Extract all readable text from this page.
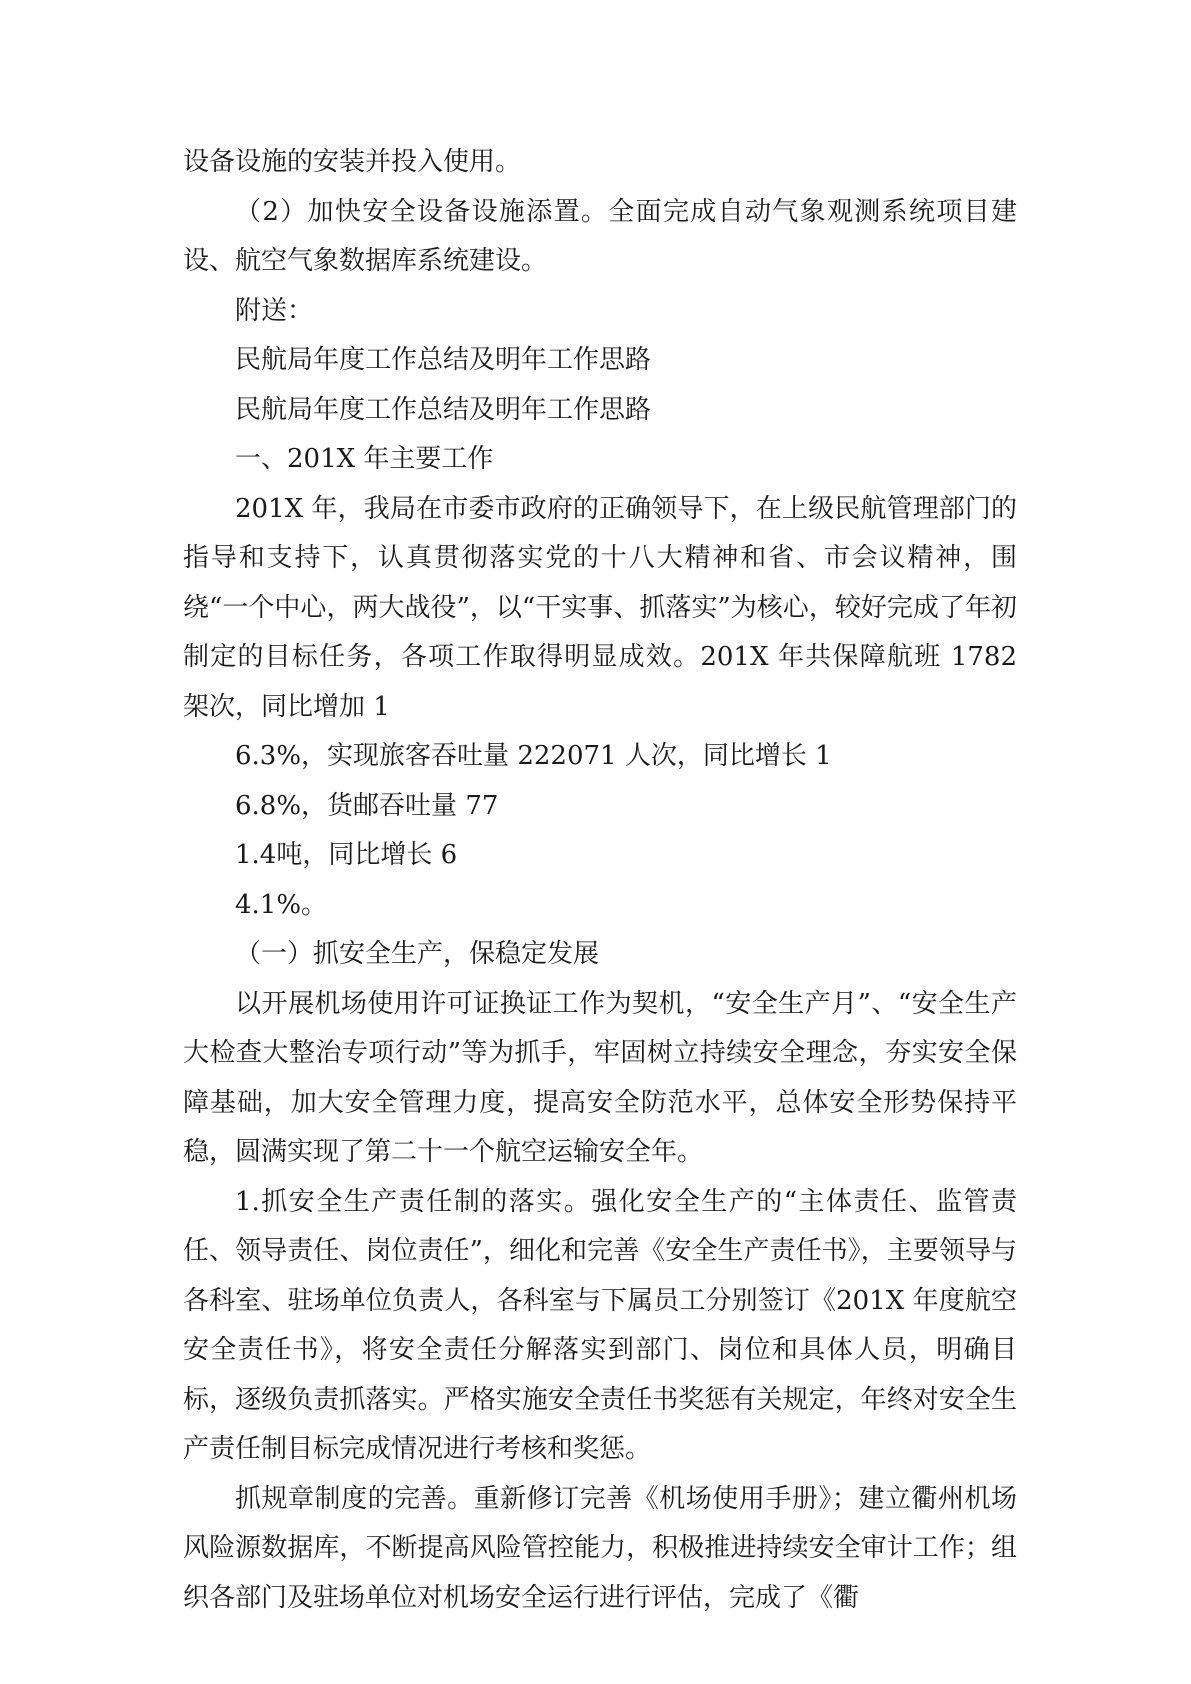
设备设施的安装并投入使用。

（2）加快安全设备设施添置。全面完成自动气象观测系统项目建设、航空气象数据库系统建设。

附送：

民航局年度工作总结及明年工作思路

民航局年度工作总结及明年工作思路

一、201X 年主要工作

201X 年，我局在市委市政府的正确领导下，在上级民航管理部门的指导和支持下，认真贯彻落实党的十八大精神和省、市会议精神，围绕“一个中心，两大战役”，以“干实事、抓落实”为核心，较好完成了年初制定的目标任务，各项工作取得明显成效。201X 年共保障航班 1782 架次，同比增加 1

6.3%，实现旅客吞吐量 222071 人次，同比增长 1

6.8%，货邮吞吐量 77

1.4吨，同比增长 6

4.1%。

（一）抓安全生产，保稳定发展

以开展机场使用许可证换证工作为契机，“安全生产月”、“安全生产大检查大整治专项行动”等为抓手，牢固树立持续安全理念，夯实安全保障基础，加大安全管理力度，提高安全防范水平，总体安全形势保持平稳，圆满实现了第二十一个航空运输安全年。

1.抓安全生产责任制的落实。强化安全生产的“主体责任、监管责任、领导责任、岗位责任”，细化和完善《安全生产责任书》，主要领导与各科室、驻场单位负责人，各科室与下属员工分别签订《201X 年度航空安全责任书》，将安全责任分解落实到部门、岗位和具体人员，明确目标，逐级负责抓落实。严格实施安全责任书奖惩有关规定，年终对安全生产责任制目标完成情况进行考核和奖惩。

抓规章制度的完善。重新修订完善《机场使用手册》；建立衢州机场风险源数据库，不断提高风险管控能力，积极推进持续安全审计工作；组织各部门及驻场单位对机场安全运行进行评估，完成了《衢
